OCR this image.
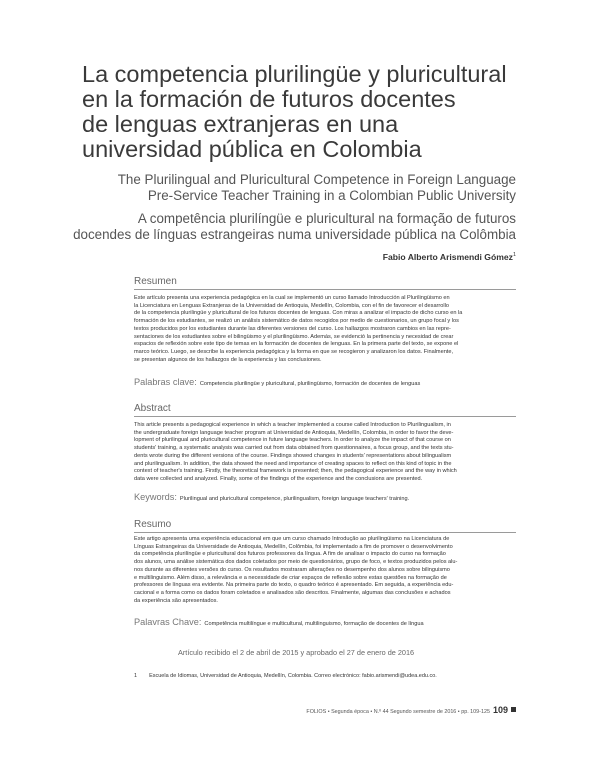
La competencia plurilingüe y pluricultural
en la formación de futuros docentes
de lenguas extranjeras en una
universidad pública en Colombia

The Plurilingual and Pluricultural Competence in Foreign Language
Pre-Service Teacher Training in a Colombian Public University

A competência plurilíngüe e pluricultural na formação de futuros
docendes de línguas estrangeiras numa universidade pública na Colômbia

Fabio Alberto Arismendi Gómez$^1$
Resumen
Este artículo presenta una experiencia pedagógica en la cual se implementó un curso llamado Introducción al Plurilingüismo en
la Licenciatura en Lenguas Extranjeras de la Universidad de Antioquia, Medellín, Colombia, con el fin de favorecer el desarrollo
de la competencia plurilingüe y pluricultural de los futuros docentes de lenguas. Con miras a analizar el impacto de dicho curso en la
formación de los estudiantes, se realizó un análisis sistemático de datos recogidos por medio de cuestionarios, un grupo focal y los
textos producidos por los estudiantes durante las diferentes versiones del curso. Los hallazgos mostraron cambios en las repre-
sentaciones de los estudiantes sobre el bilingüismo y el plurilingüismo. Además, se evidenció la pertinencia y necesidad de crear
espacios de reflexión sobre este tipo de temas en la formación de docentes de lenguas. En la primera parte del texto, se expone el
marco teórico. Luego, se describe la experiencia pedagógica y la forma en que se recogieron y analizaron los datos. Finalmente,
se presentan algunos de los hallazgos de la experiencia y las conclusiones.
Palabras clave: Competencia plurilingüe y pluricultural, plurilingüismo, formación de docentes de lenguas
Abstract
This article presents a pedagogical experience in which a teacher implemented a course called Introduction to Plurilingualism, in
the undergraduate foreign language teacher program at Universidad de Antioquia, Medellín, Colombia, in order to favor the deve-
lopment of plurilingual and pluricultural competence in future language teachers. In order to analyze the impact of that course on
students' training, a systematic analysis was carried out from data obtained from questionnaires, a focus group, and the texts stu-
dents wrote during the different versions of the course. Findings showed changes in students' representations about bilingualism
and plurilingualism. In addition, the data showed the need and importance of creating spaces to reflect on this kind of topic in the
context of teacher's training. Firstly, the theoretical framework is presented; then, the pedagogical experience and the way in which
data were collected and analyzed. Finally, some of the findings of the experience and the conclusions are presented.
Keywords: Plurilingual and pluricultural competence, plurilingualism, foreign language teachers' training.
Resumo
Este artigo apresenta uma experiência educacional em que um curso chamado Introdução ao plurilingüismo na Licenciatura de
Línguas Estrangeiras da Universidade de Antioquia, Medellín, Colômbia, foi implementado a fim de promover o desenvolvimento
da competência plurilíngüe e pluricultural dos futuros professores da língua. A fim de analisar o impacto do curso na formação
dos alunos, uma análise sistemática dos dados coletados por meio de questionários, grupo de foco, e textos produzidos pelos alu-
nos durante as diferentes versões do curso. Os resultados mostraram alterações no desempenho dos alunos sobre bilinguismo
e multilinguismo. Além disso, a relevância e a necessidade de criar espaços de reflexão sobre estas questões na formação de
professores de línguas era evidente. Na primeira parte do texto, o quadro teórico é apresentado. Em seguida, a experiência edu-
cacional e a forma como os dados foram coletados e analisados são descritos. Finalmente, algumas das conclusões e achados
da experiência são apresentados.
Palavras Chave: Competência multilíngue e multicultural, multilinguismo, formação de docentes de língua
Artículo recibido el 2 de abril de 2015 y aprobado el 27 de enero de 2016
1 Escuela de Idiomas, Universidad de Antioquia, Medellín, Colombia. Correo electrónico: fabio.arismendi@udea.edu.co.
FOLIOS • Segunda época • N.º 44 Segundo semestre de 2016 • pp. 109-125 109
